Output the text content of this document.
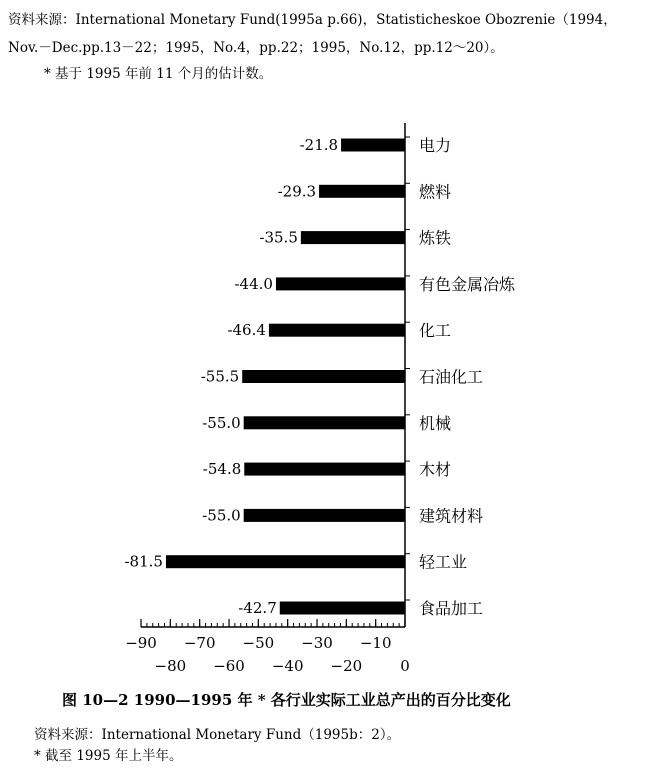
资料来源：International Monetary Fund(1995a p.66)，Statisticheskoe Obozrenie（1994，
Nov.－Dec.pp.13－22；1995，No.4，pp.22；1995，No.12，pp.12～20）。
* 基于 1995 年前 11 个月的估计数。
-21.8	电力
-29.3	燃料
-35.5	炼铁
-44.0	有色金属冶炼
-46.4	化工
-55.5	石油化工
-55.0	机械
-54.8	木材
-55.0	建筑材料
-81.5	轻工业
-42.7	食品加工
−90
−80
−70
−60
−50
−40
−30
−20
−10
0
图 10—2 1990—1995 年 * 各行业实际工业总产出的百分比变化
资料来源：International Monetary Fund（1995b：2）。
* 截至 1995 年上半年。
